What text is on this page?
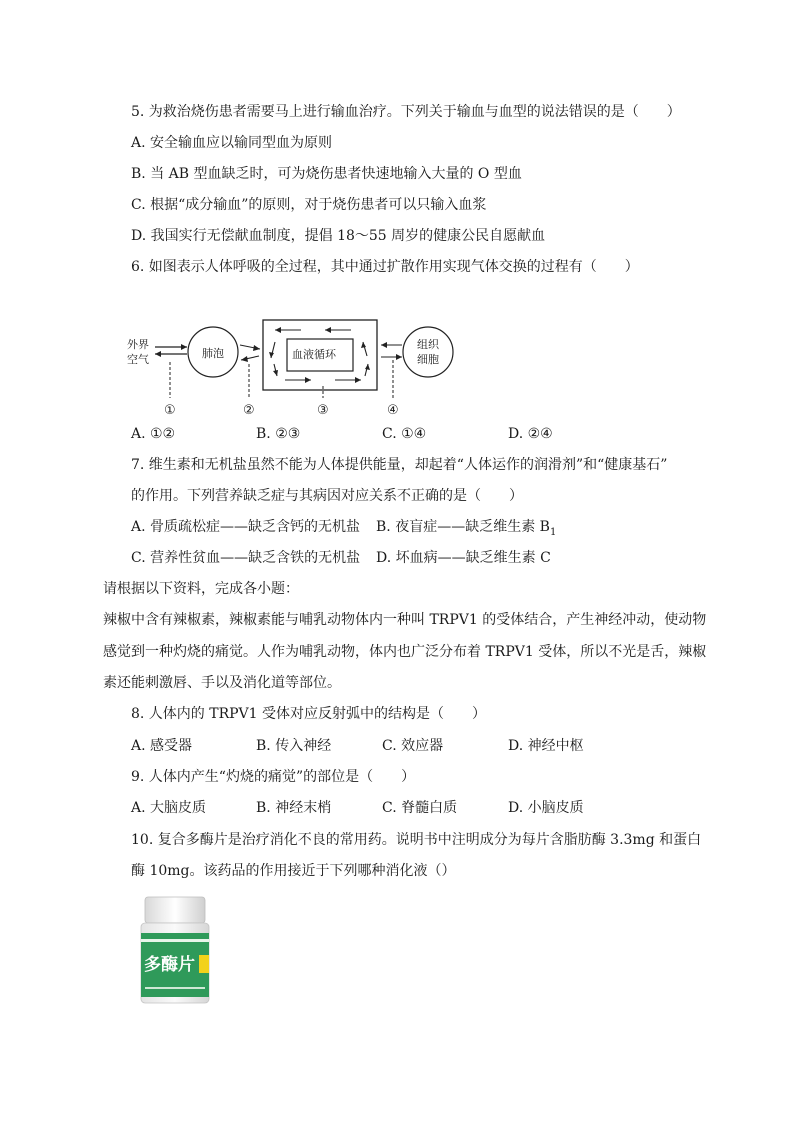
5. 为救治烧伤患者需要马上进行输血治疗。下列关于输血与血型的说法错误的是（　　）
A. 安全输血应以输同型血为原则
B. 当 AB 型血缺乏时，可为烧伤患者快速地输入大量的 O 型血
C. 根据“成分输血”的原则，对于烧伤患者可以只输入血浆
D. 我国实行无偿献血制度，提倡 18～55 周岁的健康公民自愿献血
6. 如图表示人体呼吸的全过程，其中通过扩散作用实现气体交换的过程有（　　）
外界
空气	肺泡	血液循环
组织
细胞
①	②	③	④
A. ①②	B. ②③	C. ①④	D. ②④
7. 维生素和无机盐虽然不能为人体提供能量，却起着“人体运作的润滑剂”和“健康基石”
的作用。下列营养缺乏症与其病因对应关系不正确的是（　　）
A. 骨质疏松症——缺乏含钙的无机盐 B. 夜盲症——缺乏维生素 $B_1$
C. 营养性贫血——缺乏含铁的无机盐 D. 坏血病——缺乏维生素 C
请根据以下资料，完成各小题：
辣椒中含有辣椒素，辣椒素能与哺乳动物体内一种叫 TRPV1 的受体结合，产生神经冲动，使动物
感觉到一种灼烧的痛觉。人作为哺乳动物，体内也广泛分布着 TRPV1 受体，所以不光是舌，辣椒
素还能刺激唇、手以及消化道等部位。
8. 人体内的 TRPV1 受体对应反射弧中的结构是（　　）
A. 感受器	B. 传入神经	C. 效应器	D. 神经中枢
9. 人体内产生“灼烧的痛觉”的部位是（　　）
A. 大脑皮质	B. 神经末梢	C. 脊髓白质	D. 小脑皮质
10. 复合多酶片是治疗消化不良的常用药。说明书中注明成分为每片含脂肪酶 3.3mg 和蛋白
酶 10mg。该药品的作用接近于下列哪种消化液（）
多酶片
